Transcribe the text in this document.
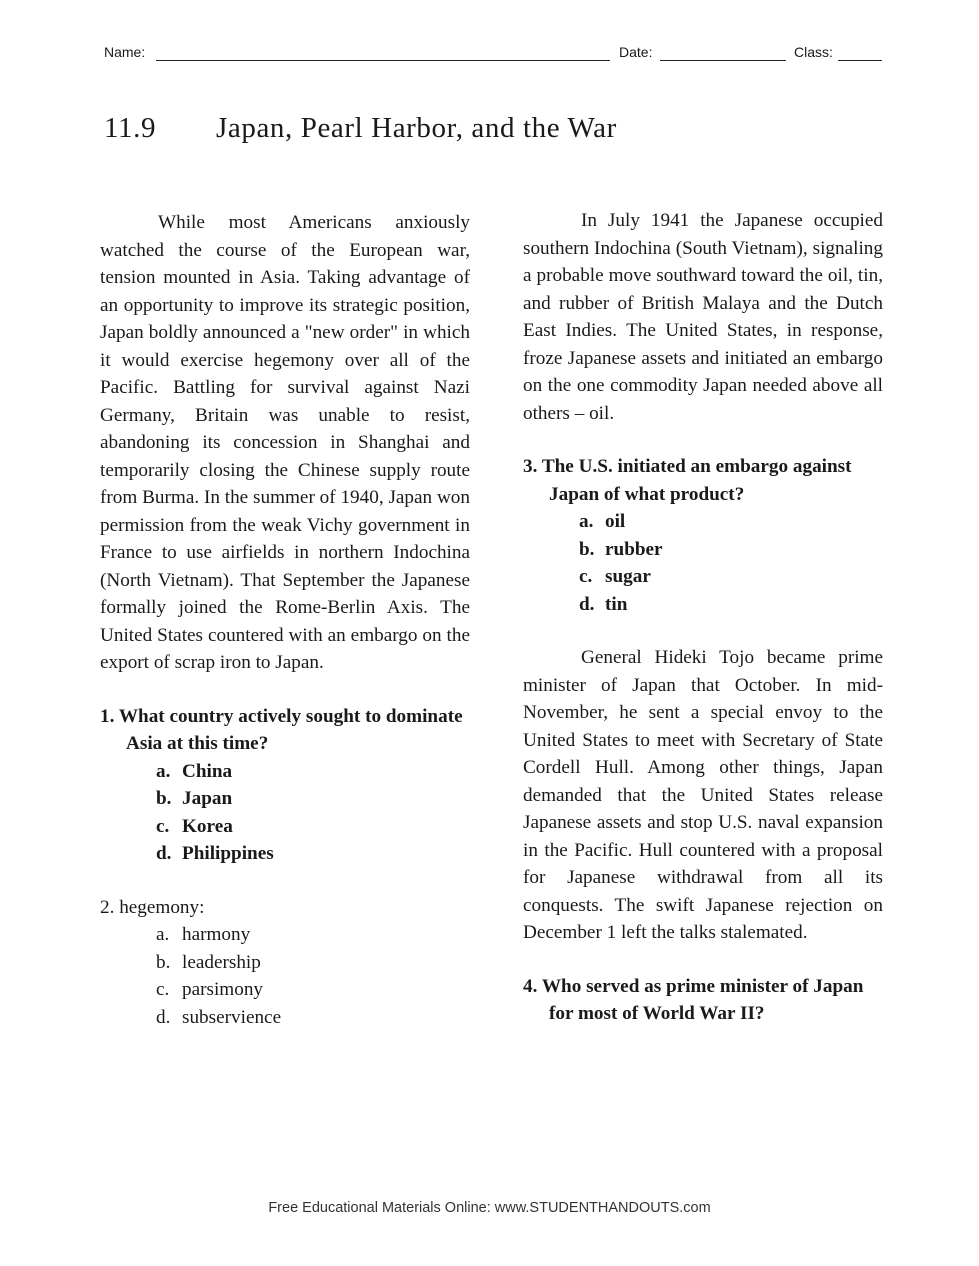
Name:	Date:	Class:
11.9 Japan, Pearl Harbor, and the War

While most Americans anxiously watched the course of the European war, tension mounted in Asia. Taking advantage of an opportunity to improve its strategic position, Japan boldly announced a "new order" in which it would exercise hegemony over all of the Pacific. Battling for survival against Nazi Germany, Britain was unable to resist, abandoning its concession in Shanghai and temporarily closing the Chinese supply route from Burma. In the summer of 1940, Japan won permission from the weak Vichy government in France to use airfields in northern Indochina (North Vietnam). That September the Japanese formally joined the Rome-Berlin Axis. The United States countered with an embargo on the export of scrap iron to Japan.

1. What country actively sought to dominate Asia at this time?
a. China
b. Japan
c. Korea
d. Philippines
2. hegemony:
a. harmony
b. leadership
c. parsimony
d. subservience

In July 1941 the Japanese occupied southern Indochina (South Vietnam), signaling a probable move southward toward the oil, tin, and rubber of British Malaya and the Dutch East Indies. The United States, in response, froze Japanese assets and initiated an embargo on the one commodity Japan needed above all others – oil.

3. The U.S. initiated an embargo against Japan of what product?
a. oil
b. rubber
c. sugar
d. tin

General Hideki Tojo became prime minister of Japan that October. In mid-November, he sent a special envoy to the United States to meet with Secretary of State Cordell Hull. Among other things, Japan demanded that the United States release Japanese assets and stop U.S. naval expansion in the Pacific. Hull countered with a proposal for Japanese withdrawal from all its conquests. The swift Japanese rejection on December 1 left the talks stalemated.

4. Who served as prime minister of Japan for most of World War II?
Free Educational Materials Online: www.STUDENTHANDOUTS.com
